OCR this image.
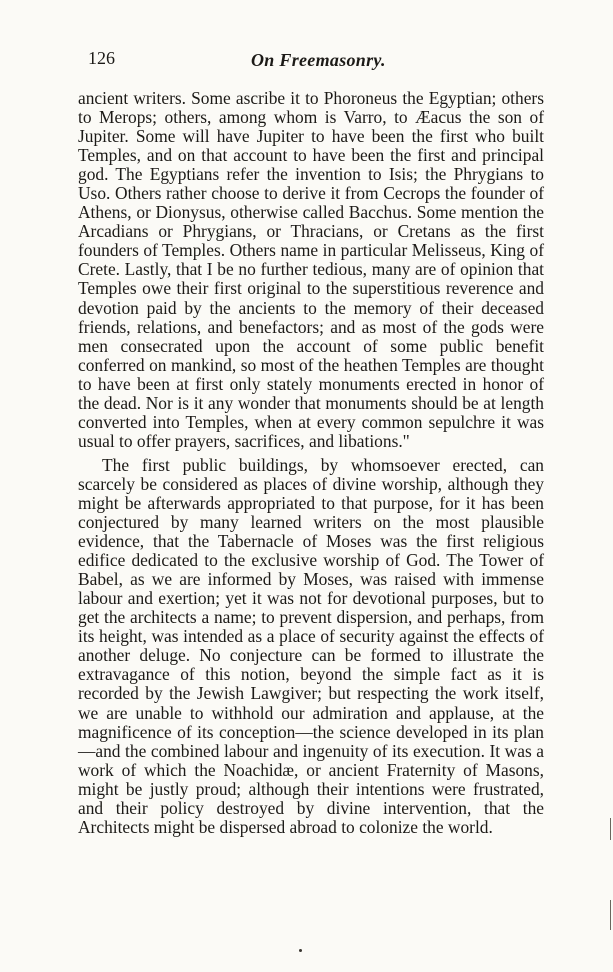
126	On Freemasonry.

ancient writers. Some ascribe it to Phoroneus the Egyptian; others to Merops; others, among whom is Varro, to Æacus the son of Jupiter. Some will have Jupiter to have been the first who built Temples, and on that account to have been the first and principal god. The Egyptians refer the invention to Isis; the Phrygians to Uso. Others rather choose to derive it from Cecrops the founder of Athens, or Dionysus, otherwise called Bacchus. Some mention the Arcadians or Phrygians, or Thracians, or Cretans as the first founders of Temples. Others name in particular Melisseus, King of Crete. Lastly, that I be no further tedious, many are of opinion that Temples owe their first original to the superstitious reverence and devotion paid by the ancients to the memory of their deceased friends, relations, and benefactors; and as most of the gods were men consecrated upon the account of some public benefit conferred on mankind, so most of the heathen Temples are thought to have been at first only stately monuments erected in honor of the dead. Nor is it any wonder that monuments should be at length converted into Temples, when at every common sepulchre it was usual to offer prayers, sacrifices, and libations."

The first public buildings, by whomsoever erected, can scarcely be considered as places of divine worship, although they might be afterwards appropriated to that purpose, for it has been conjectured by many learned writers on the most plausible evidence, that the Tabernacle of Moses was the first religious edifice dedicated to the exclusive worship of God. The Tower of Babel, as we are informed by Moses, was raised with immense labour and exertion; yet it was not for devotional purposes, but to get the architects a name; to prevent dispersion, and perhaps, from its height, was intended as a place of security against the effects of another deluge. No conjecture can be formed to illustrate the extravagance of this notion, beyond the simple fact as it is recorded by the Jewish Lawgiver; but respecting the work itself, we are unable to withhold our admiration and applause, at the magnificence of its conception—the science developed in its plan—and the combined labour and ingenuity of its execution. It was a work of which the Noachidæ, or ancient Fraternity of Masons, might be justly proud; although their intentions were frustrated, and their policy destroyed by divine intervention, that the Architects might be dispersed abroad to colonize the world.
